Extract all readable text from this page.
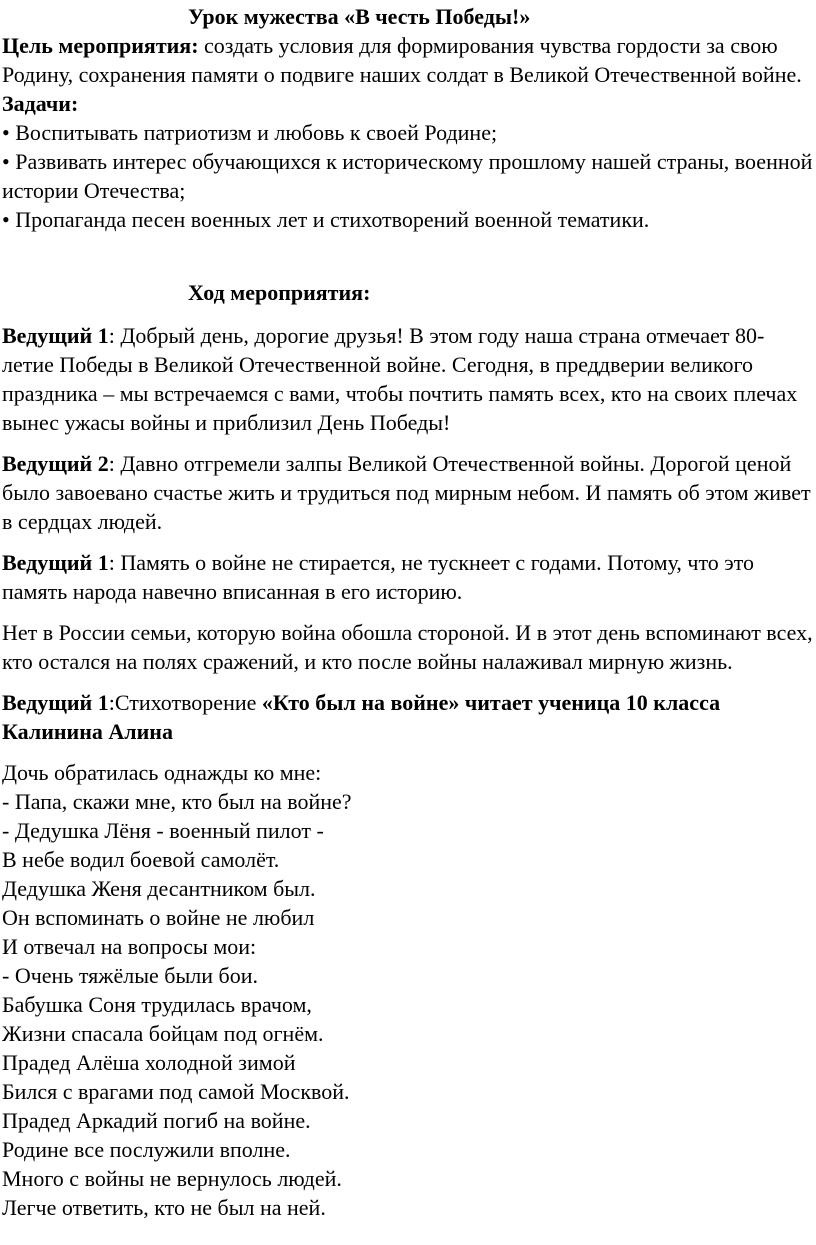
Урок мужества «В честь Победы!»

Цель мероприятия: создать условия для формирования чувства гордости за свою Родину, сохранения памяти о подвиге наших солдат в Великой Отечественной войне.

Задачи:

• Воспитывать патриотизм и любовь к своей Родине;
• Развивать интерес обучающихся к историческому прошлому нашей страны, военной истории Отечества;
• Пропаганда песен военных лет и стихотворений военной тематики.

Ход мероприятия:

Ведущий 1: Добрый день, дорогие друзья! В этом году наша страна отмечает 80-летие Победы в Великой Отечественной войне. Сегодня, в преддверии великого праздника – мы встречаемся с вами, чтобы почтить память всех, кто на своих плечах вынес ужасы войны и приблизил День Победы!

Ведущий 2: Давно отгремели залпы Великой Отечественной войны. Дорогой ценой было завоевано счастье жить и трудиться под мирным небом. И память об этом живет в сердцах людей.

Ведущий 1: Память о войне не стирается, не тускнеет с годами. Потому, что это память народа навечно вписанная в его историю.

Нет в России семьи, которую война обошла стороной. И в этот день вспоминают всех, кто остался на полях сражений, и кто после войны налаживал мирную жизнь.

Ведущий 1:Стихотворение «Кто был на войне» читает ученица 10 класса Калинина Алина

Дочь обратилась однажды ко мне:
- Папа, скажи мне, кто был на войне?
- Дедушка Лёня - военный пилот -
В небе водил боевой самолёт.
Дедушка Женя десантником был.
Он вспоминать о войне не любил
И отвечал на вопросы мои:
- Очень тяжёлые были бои.
Бабушка Соня трудилась врачом,
Жизни спасала бойцам под огнём.
Прадед Алёша холодной зимой
Бился с врагами под самой Москвой.
Прадед Аркадий погиб на войне.
Родине все послужили вполне.
Много с войны не вернулось людей.
Легче ответить, кто не был на ней.
